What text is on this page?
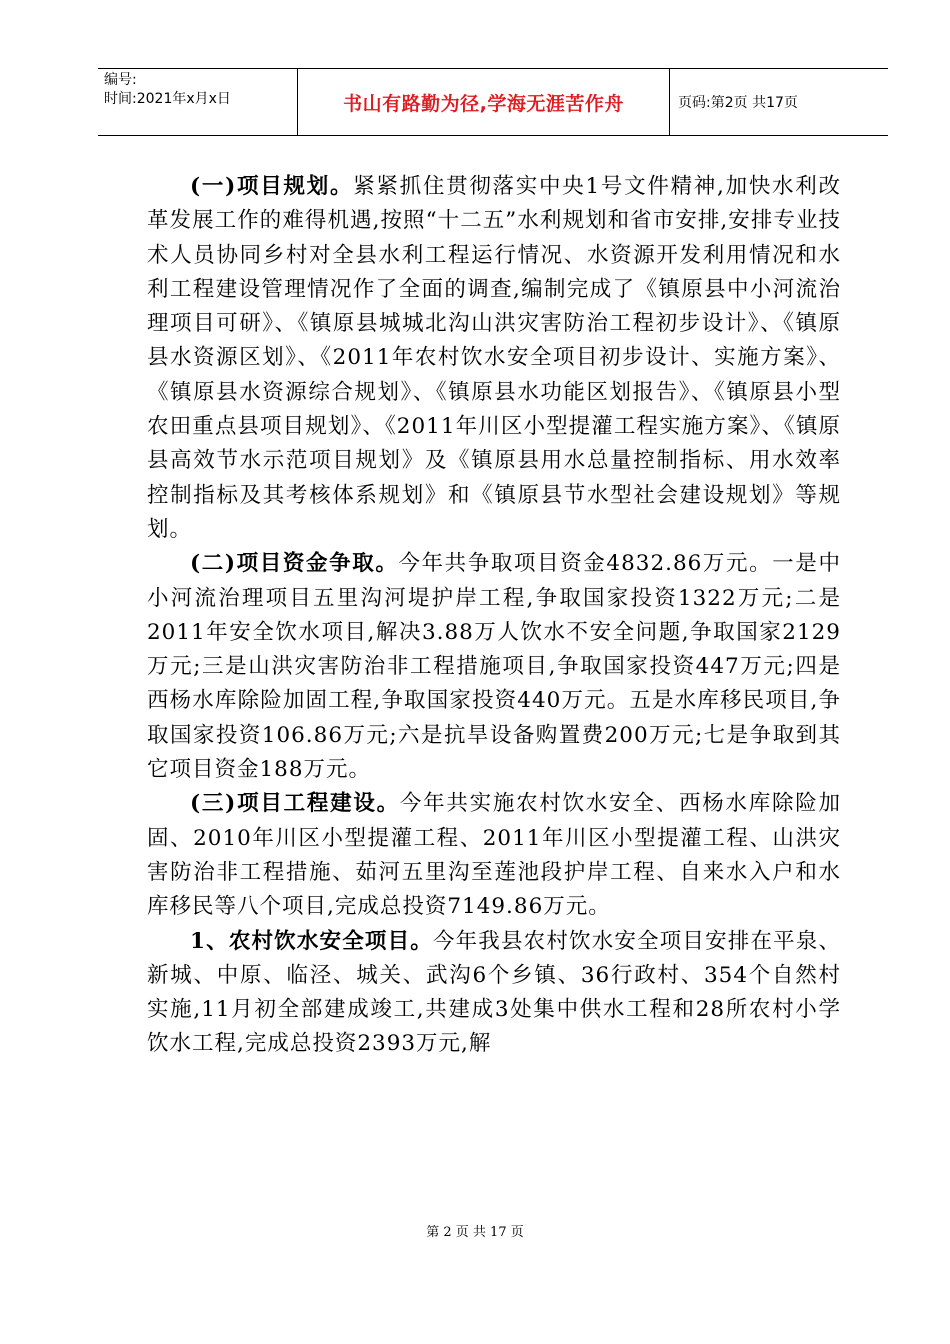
编号:
时间:2021年x月x日	书山有路勤为径,学海无涯苦作舟	页码:第2页 共17页

(一)项目规划。紧紧抓住贯彻落实中央1号文件精神,加快水利改革发展工作的难得机遇,按照“十二五”水利规划和省市安排,安排专业技术人员协同乡村对全县水利工程运行情况、水资源开发利用情况和水利工程建设管理情况作了全面的调查,编制完成了《镇原县中小河流治理项目可研》、《镇原县城城北沟山洪灾害防治工程初步设计》、《镇原县水资源区划》、《2011年农村饮水安全项目初步设计、实施方案》、《镇原县水资源综合规划》、《镇原县水功能区划报告》、《镇原县小型农田重点县项目规划》、《2011年川区小型提灌工程实施方案》、《镇原县高效节水示范项目规划》及《镇原县用水总量控制指标、用水效率控制指标及其考核体系规划》和《镇原县节水型社会建设规划》等规划。

(二)项目资金争取。今年共争取项目资金4832.86万元。一是中小河流治理项目五里沟河堤护岸工程,争取国家投资1322万元;二是2011年安全饮水项目,解决3.88万人饮水不安全问题,争取国家2129万元;三是山洪灾害防治非工程措施项目,争取国家投资447万元;四是西杨水库除险加固工程,争取国家投资440万元。五是水库移民项目,争取国家投资106.86万元;六是抗旱设备购置费200万元;七是争取到其它项目资金188万元。

(三)项目工程建设。今年共实施农村饮水安全、西杨水库除险加固、2010年川区小型提灌工程、2011年川区小型提灌工程、山洪灾害防治非工程措施、茹河五里沟至莲池段护岸工程、自来水入户和水库移民等八个项目,完成总投资7149.86万元。

1、农村饮水安全项目。今年我县农村饮水安全项目安排在平泉、新城、中原、临泾、城关、武沟6个乡镇、36行政村、354个自然村实施,11月初全部建成竣工,共建成3处集中供水工程和28所农村小学饮水工程,完成总投资2393万元,解

第 2 页 共 17 页
